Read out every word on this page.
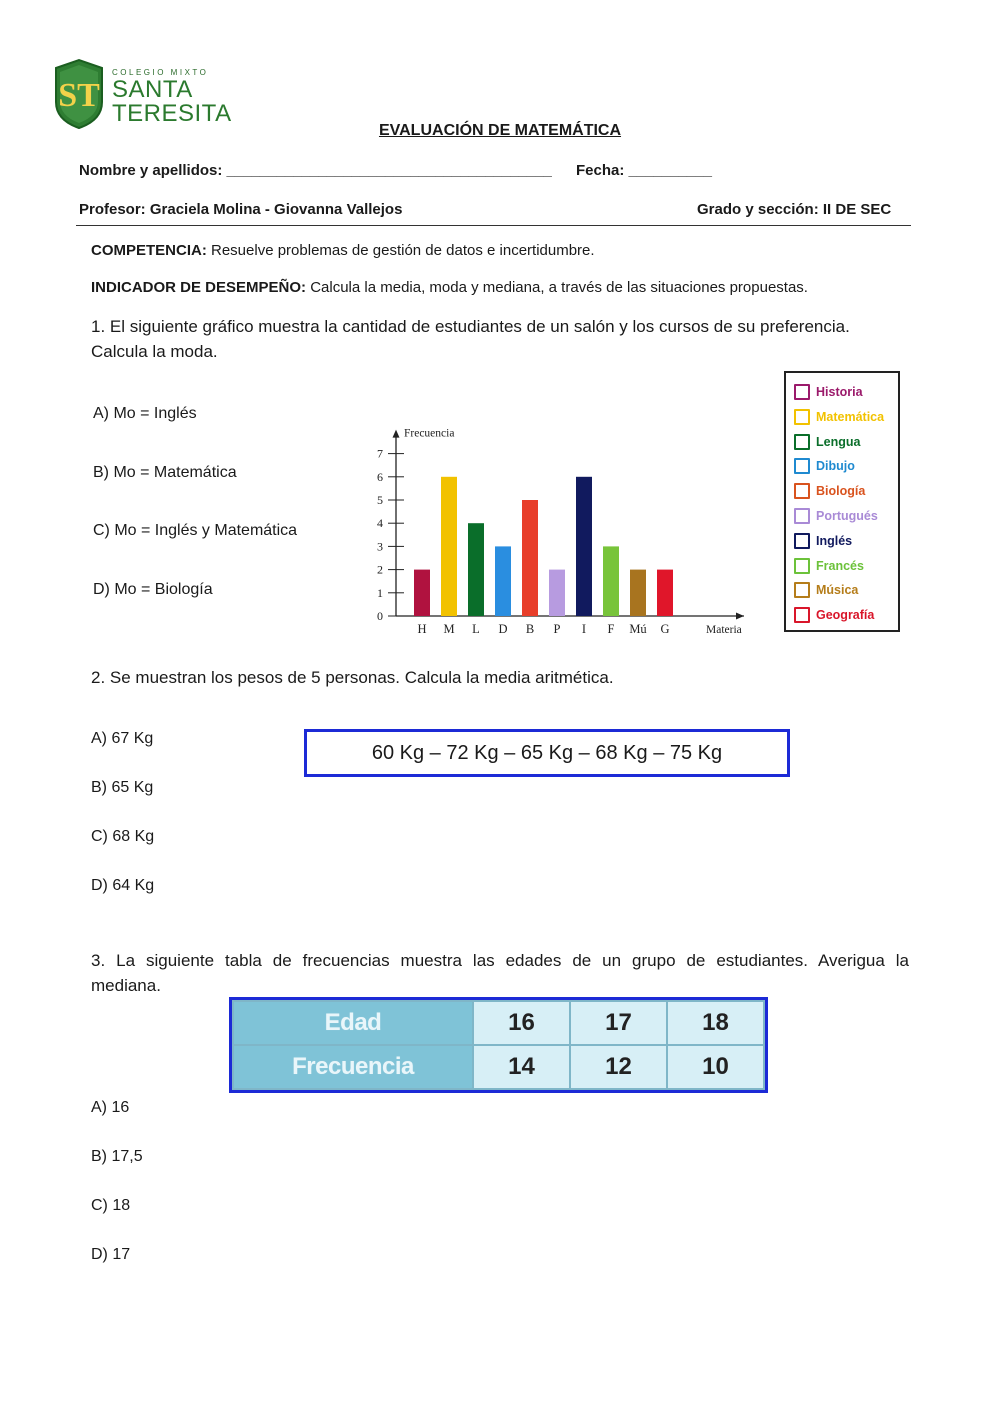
ST
COLEGIO MIXTO
SANTA
TERESITA
EVALUACIÓN DE MATEMÁTICA
Nombre y apellidos: _______________________________________ Fecha: __________
Profesor: Graciela Molina - Giovanna Vallejos	Grado y sección: II DE SEC
COMPETENCIA: Resuelve problemas de gestión de datos e incertidumbre.
INDICADOR DE DESEMPEÑO: Calcula la media, moda y mediana, a través de las situaciones propuestas.
1. El siguiente gráfico muestra la cantidad de estudiantes de un salón y los cursos de su preferencia.
Calcula la moda.
A) Mo = Inglés
B) Mo = Matemática
C) Mo = Inglés y Matemática
D) Mo = Biología
0
1
2
3
4
5
6
7
Frecuencia
Materia
H M L D B P I F Mú G
Historia
Matemática
Lengua
Dibujo
Biología
Portugués
Inglés
Francés
Música
Geografía
2. Se muestran los pesos de 5 personas. Calcula la media aritmética.
A) 67 Kg
B) 65 Kg
C) 68 Kg
D) 64 Kg
60 Kg – 72 Kg – 65 Kg – 68 Kg – 75 Kg
3. La siguiente tabla de frecuencias muestra las edades de un grupo de estudiantes. Averigua la
mediana.
Edad	16	17	18
Frecuencia	14	12	10
A) 16
B) 17,5
C) 18
D) 17
